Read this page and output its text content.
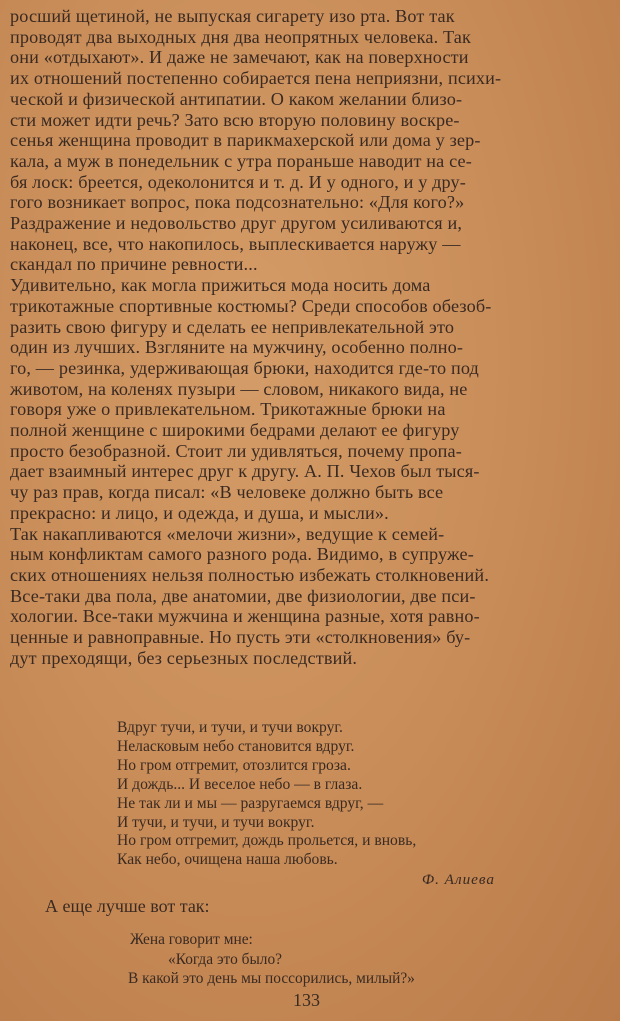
росший щетиной, не выпуская сигарету изо рта. Вот так
проводят два выходных дня два неопрятных человека. Так
они «отдыхают». И даже не замечают, как на поверхности
их отношений постепенно собирается пена неприязни, психи-
ческой и физической антипатии. О каком желании близо-
сти может идти речь? Зато всю вторую половину воскре-
сенья женщина проводит в парикмахерской или дома у зер-
кала, а муж в понедельник с утра пораньше наводит на се-
бя лоск: бреется, одеколонится и т. д. И у одного, и у дру-
гого возникает вопрос, пока подсознательно: «Для кого?»
Раздражение и недовольство друг другом усиливаются и,
наконец, все, что накопилось, выплескивается наружу —
скандал по причине ревности...

Удивительно, как могла прижиться мода носить дома
трикотажные спортивные костюмы? Среди способов обезоб-
разить свою фигуру и сделать ее непривлекательной это
один из лучших. Взгляните на мужчину, особенно полно-
го, — резинка, удерживающая брюки, находится где-то под
животом, на коленях пузыри — словом, никакого вида, не
говоря уже о привлекательном. Трикотажные брюки на
полной женщине с широкими бедрами делают ее фигуру
просто безобразной. Стоит ли удивляться, почему пропа-
дает взаимный интерес друг к другу. А. П. Чехов был тыся-
чу раз прав, когда писал: «В человеке должно быть все
прекрасно: и лицо, и одежда, и душа, и мысли».

Так накапливаются «мелочи жизни», ведущие к семей-
ным конфликтам самого разного рода. Видимо, в супруже-
ских отношениях нельзя полностью избежать столкновений.
Все-таки два пола, две анатомии, две физиологии, две пси-
хологии. Все-таки мужчина и женщина разные, хотя равно-
ценные и равноправные. Но пусть эти «столкновения» бу-
дут преходящи, без серьезных последствий.

Вдруг тучи, и тучи, и тучи вокруг.
Неласковым небо становится вдруг.
Но гром отгремит, отозлится гроза.
И дождь... И веселое небо — в глаза.
Не так ли и мы — разругаемся вдруг, —
И тучи, и тучи, и тучи вокруг.
Но гром отгремит, дождь прольется, и вновь,
Как небо, очищена наша любовь.
Ф. Алиева
А еще лучше вот так:
Жена говорит мне:
«Когда это было?
В какой это день мы поссорились, милый?»
133
